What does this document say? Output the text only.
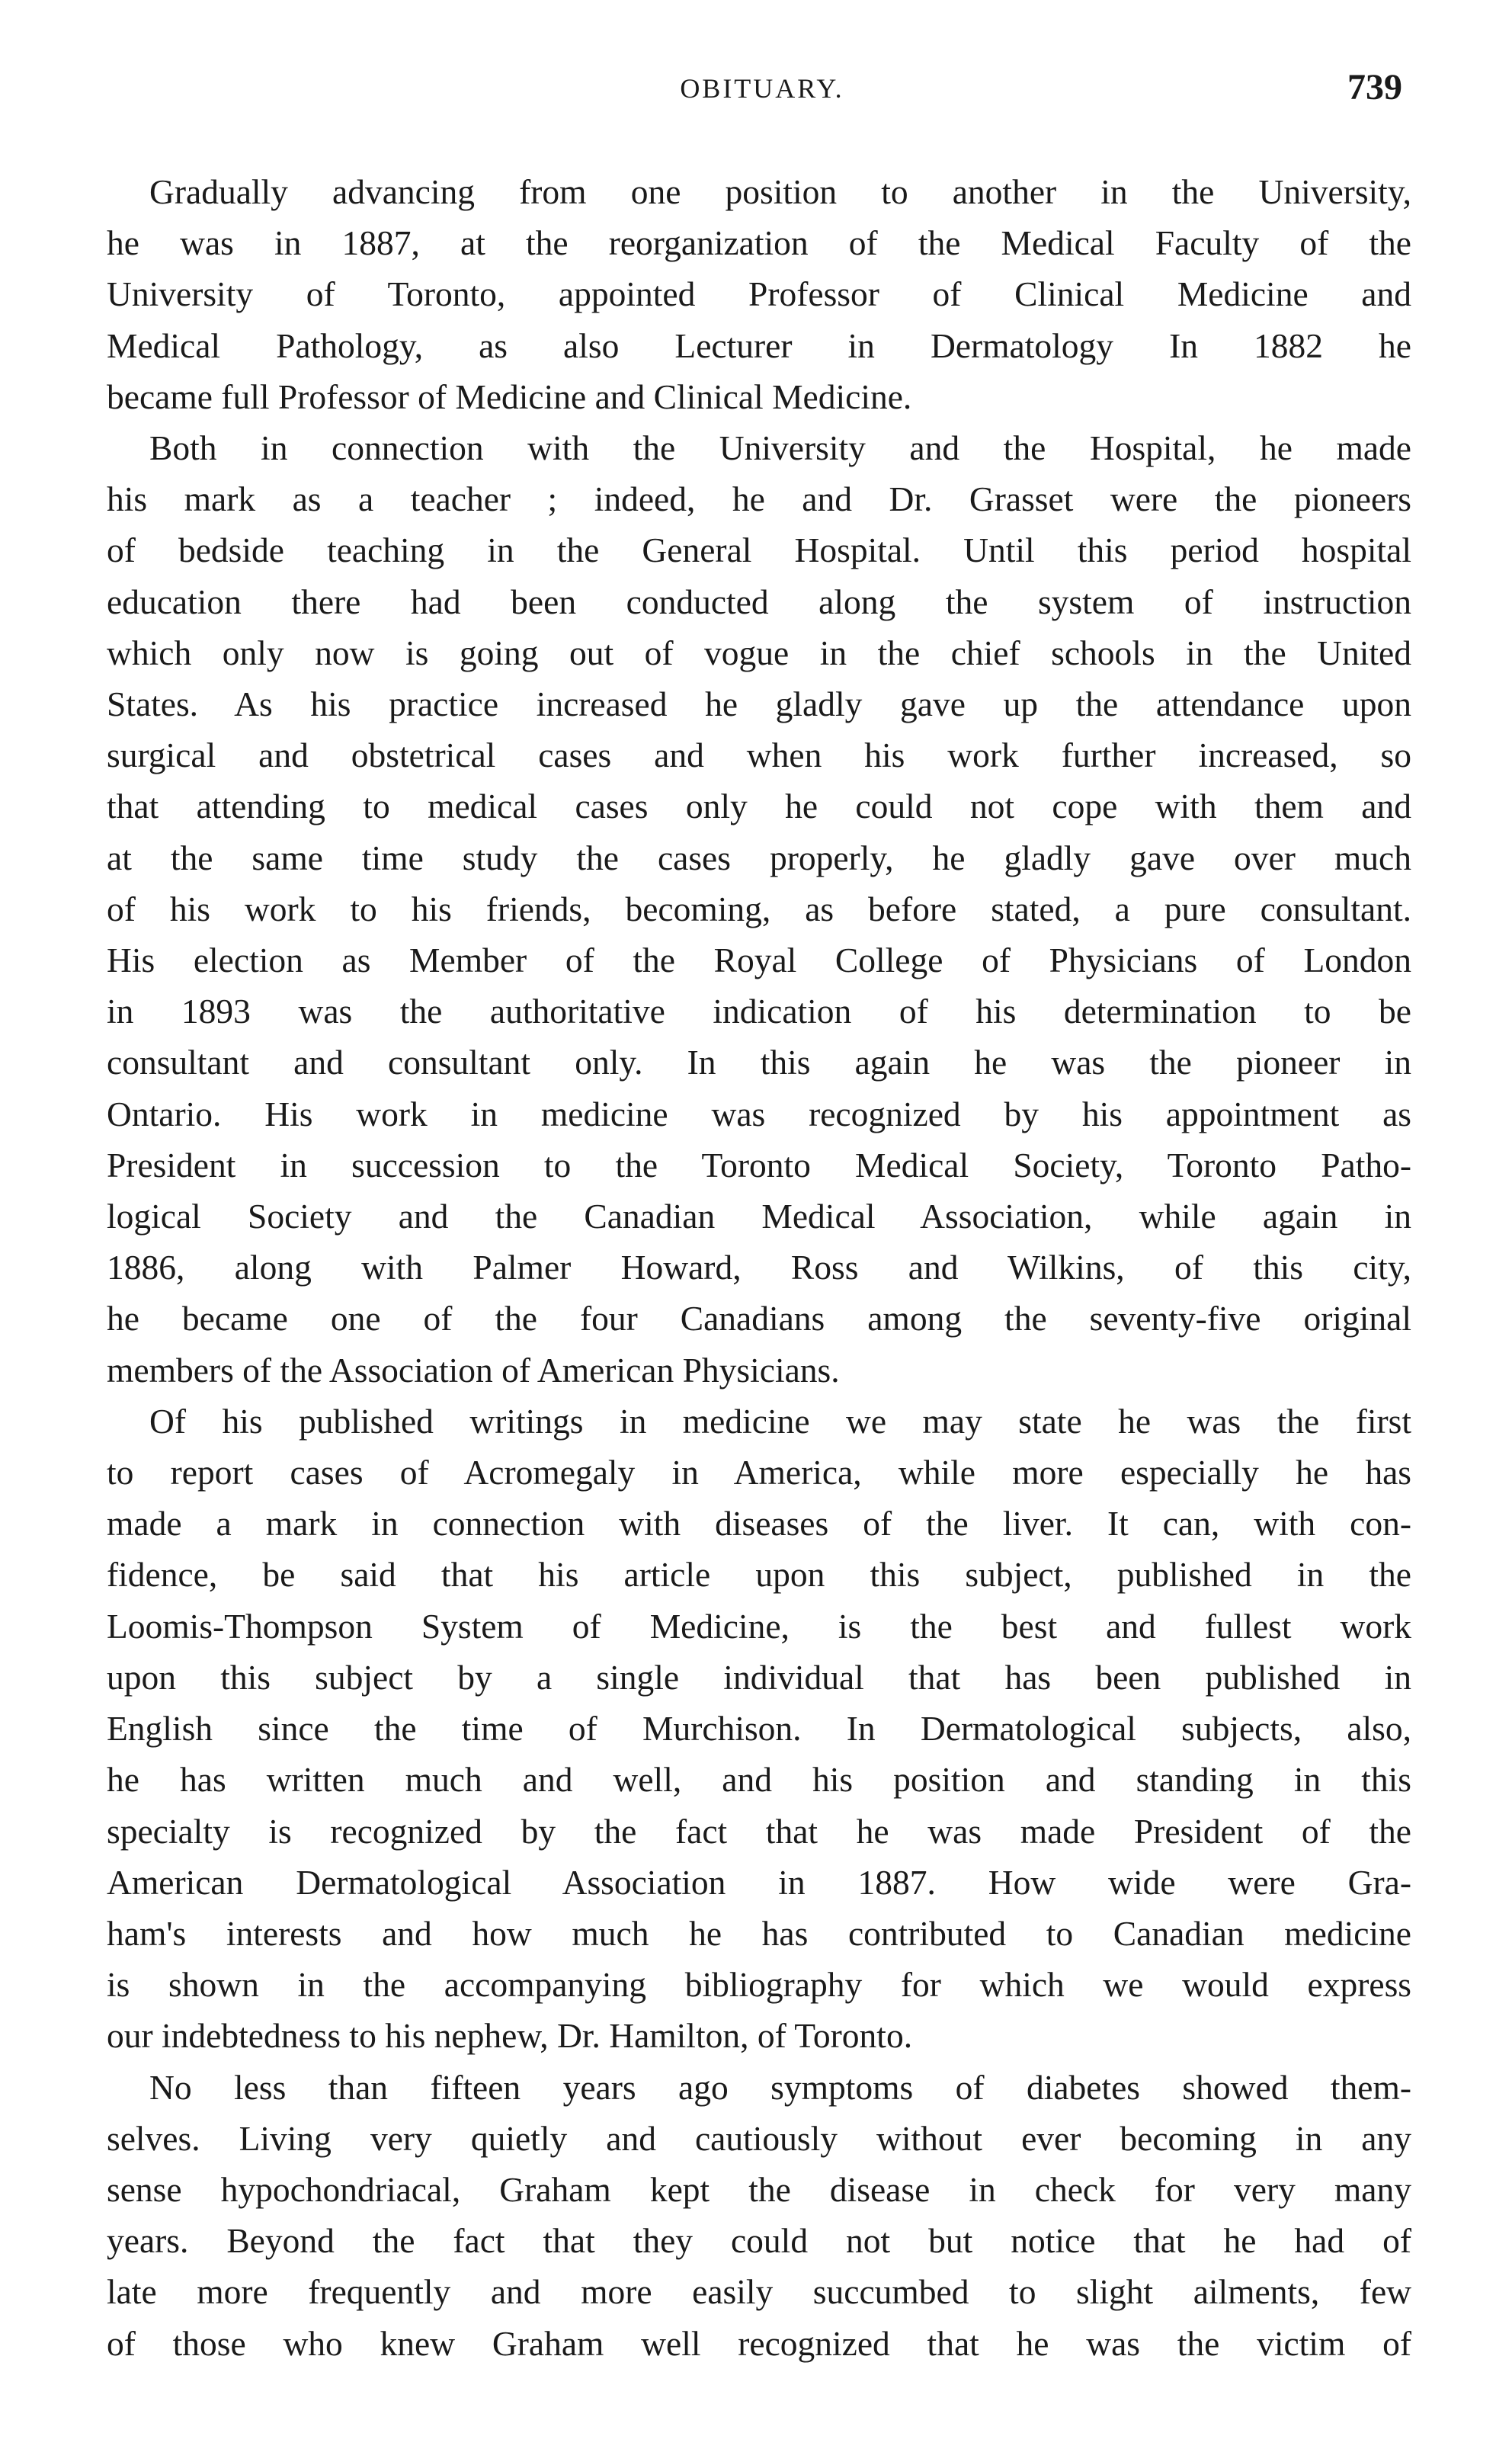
OBITUARY.	739

Gradually advancing from one position to another in the University,
he was in 1887, at the reorganization of the Medical Faculty of the
University of Toronto, appointed Professor of Clinical Medicine and
Medical Pathology, as also Lecturer in Dermatology In 1882 he
became full Professor of Medicine and Clinical Medicine.

Both in connection with the University and the Hospital, he made
his mark as a teacher ; indeed, he and Dr. Grasset were the pioneers
of bedside teaching in the General Hospital. Until this period hospital
education there had been conducted along the system of instruction
which only now is going out of vogue in the chief schools in the United
States. As his practice increased he gladly gave up the attendance upon
surgical and obstetrical cases and when his work further increased, so
that attending to medical cases only he could not cope with them and
at the same time study the cases properly, he gladly gave over much
of his work to his friends, becoming, as before stated, a pure consultant.
His election as Member of the Royal College of Physicians of London
in 1893 was the authoritative indication of his determination to be
consultant and consultant only. In this again he was the pioneer in
Ontario. His work in medicine was recognized by his appointment as
President in succession to the Toronto Medical Society, Toronto Patho-
logical Society and the Canadian Medical Association, while again in
1886, along with Palmer Howard, Ross and Wilkins, of this city,
he became one of the four Canadians among the seventy-five original
members of the Association of American Physicians.

Of his published writings in medicine we may state he was the first
to report cases of Acromegaly in America, while more especially he has
made a mark in connection with diseases of the liver. It can, with con-
fidence, be said that his article upon this subject, published in the
Loomis-Thompson System of Medicine, is the best and fullest work
upon this subject by a single individual that has been published in
English since the time of Murchison. In Dermatological subjects, also,
he has written much and well, and his position and standing in this
specialty is recognized by the fact that he was made President of the
American Dermatological Association in 1887. How wide were Gra-
ham's interests and how much he has contributed to Canadian medicine
is shown in the accompanying bibliography for which we would express
our indebtedness to his nephew, Dr. Hamilton, of Toronto.

No less than fifteen years ago symptoms of diabetes showed them-
selves. Living very quietly and cautiously without ever becoming in any
sense hypochondriacal, Graham kept the disease in check for very many
years. Beyond the fact that they could not but notice that he had of
late more frequently and more easily succumbed to slight ailments, few
of those who knew Graham well recognized that he was the victim of
